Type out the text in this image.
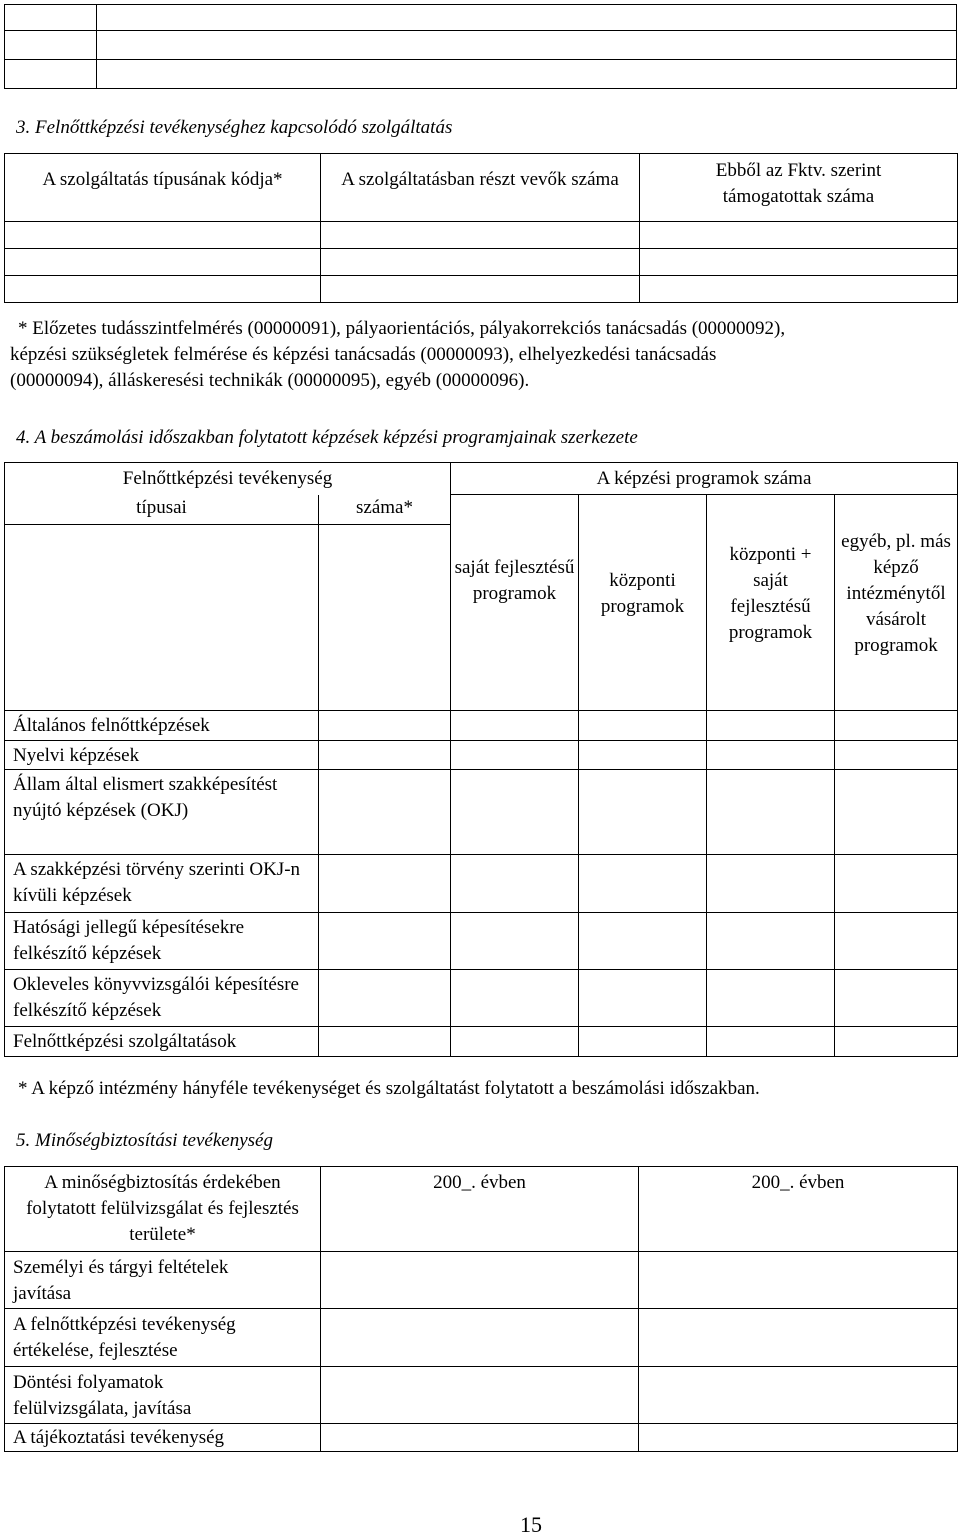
3. Felnőttképzési tevékenységhez kapcsolódó szolgáltatás
A szolgáltatás típusának kódja*	A szolgáltatásban részt vevők száma	Ebből az Fktv. szerint támogatottak száma

* Előzetes tudásszintfelmérés (00000091), pályaorientációs, pályakorrekciós tanácsadás (00000092),
képzési szükségletek felmérése és képzési tanácsadás (00000093), elhelyezkedési tanácsadás
(00000094), álláskeresési technikák (00000095), egyéb (00000096).
4. A beszámolási időszakban folytatott képzések képzési programjainak szerkezete
Felnőttképzési tevékenység		A képzési programok száma			
típusai	száma*	saját fejlesztésű programok	központi programok	központi + saját fejlesztésű programok	egyéb, pl. más képző intézménytől vásárolt programok

Általános felnőttképzések					
Nyelvi képzések					
Állam által elismert szakképesítést nyújtó képzések (OKJ)					
A szakképzési törvény szerinti OKJ-n kívüli képzések					
Hatósági jellegű képesítésekre felkészítő képzések					
Okleveles könyvvizsgálói képesítésre felkészítő képzések					
Felnőttképzési szolgáltatások					
* A képző intézmény hányféle tevékenységet és szolgáltatást folytatott a beszámolási időszakban.
5. Minőségbiztosítási tevékenység
A minőségbiztosítás érdekében folytatott felülvizsgálat és fejlesztés területe*	200_. évben	200_. évben
Személyi és tárgyi feltételek javítása		
A felnőttképzési tevékenység értékelése, fejlesztése		
Döntési folyamatok felülvizsgálata, javítása		
A tájékoztatási tevékenység		
15
